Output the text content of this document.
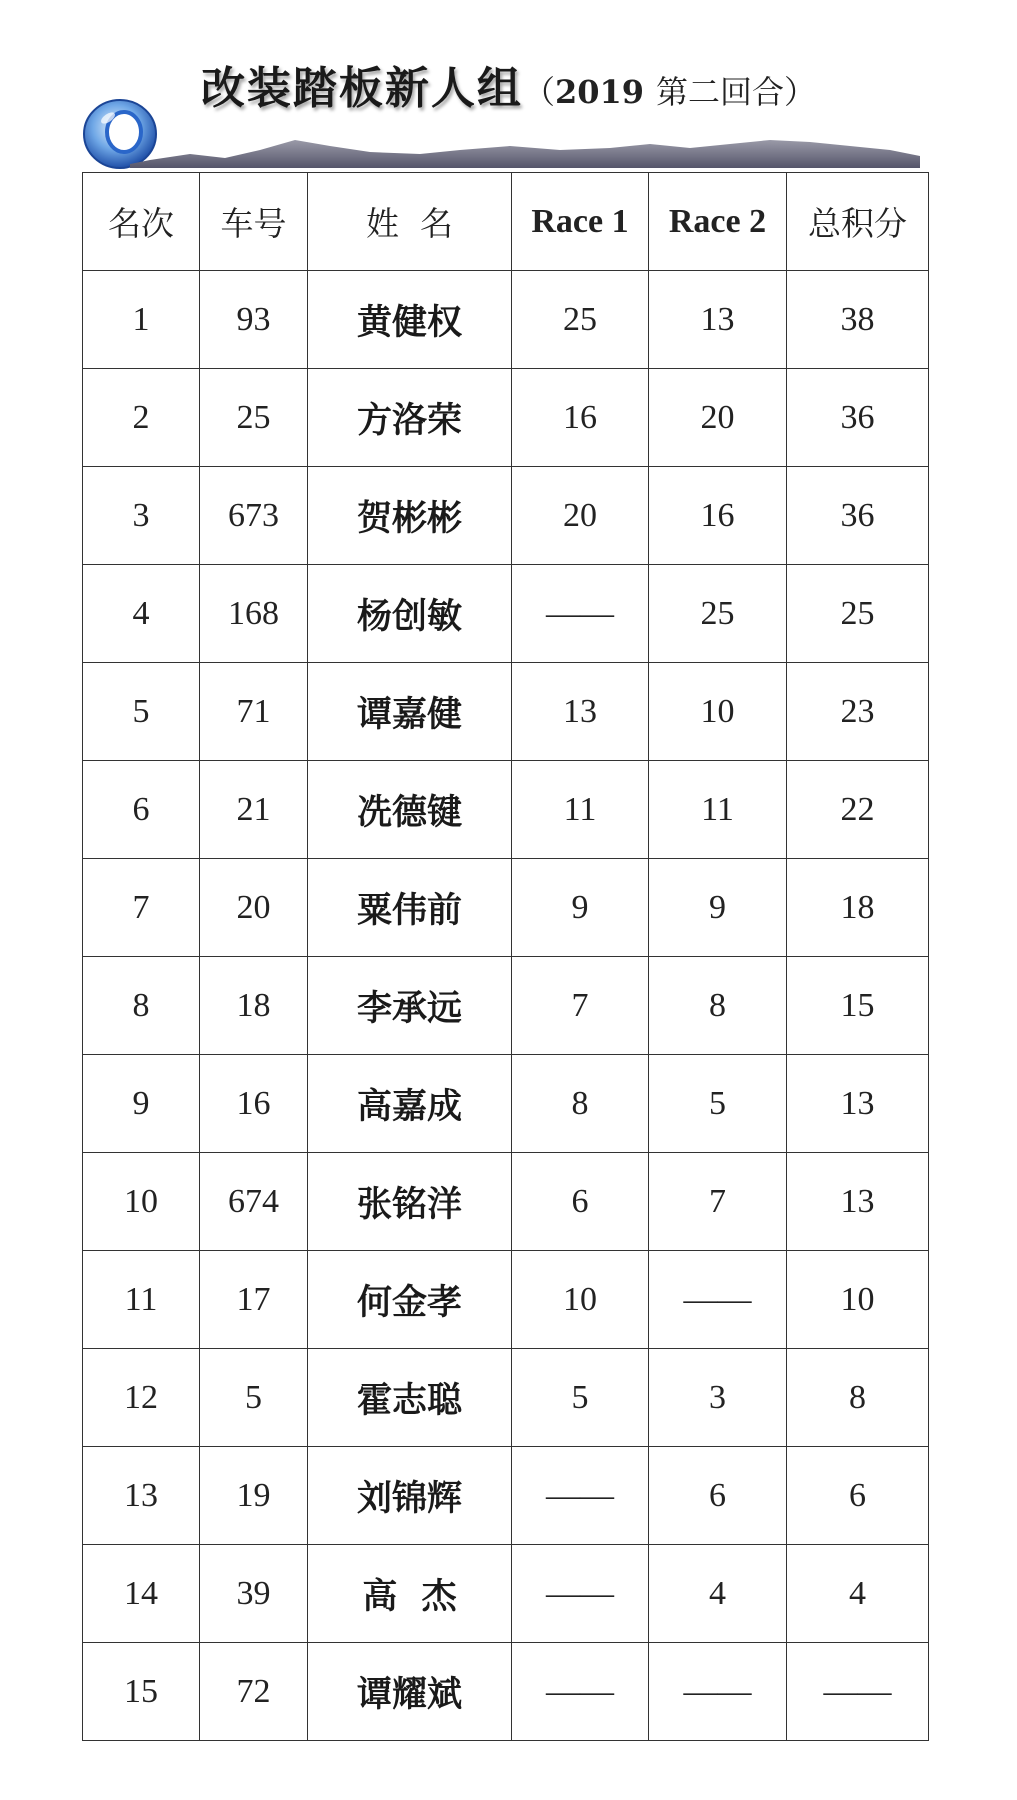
改装踏板新人组（2019 第二回合）
名次	车号	姓  名	Race 1	Race 2	总积分
1	93	黄健权	25	13	38
2	25	方洛荣	16	20	36
3	673	贺彬彬	20	16	36
4	168	杨创敏	——	25	25
5	71	谭嘉健	13	10	23
6	21	冼德键	11	11	22
7	20	粟伟前	9	9	18
8	18	李承远	7	8	15
9	16	高嘉成	8	5	13
10	674	张铭洋	6	7	13
11	17	何金孝	10	——	10
12	5	霍志聪	5	3	8
13	19	刘锦辉	——	6	6
14	39	高  杰	——	4	4
15	72	谭耀斌	——	——	——
